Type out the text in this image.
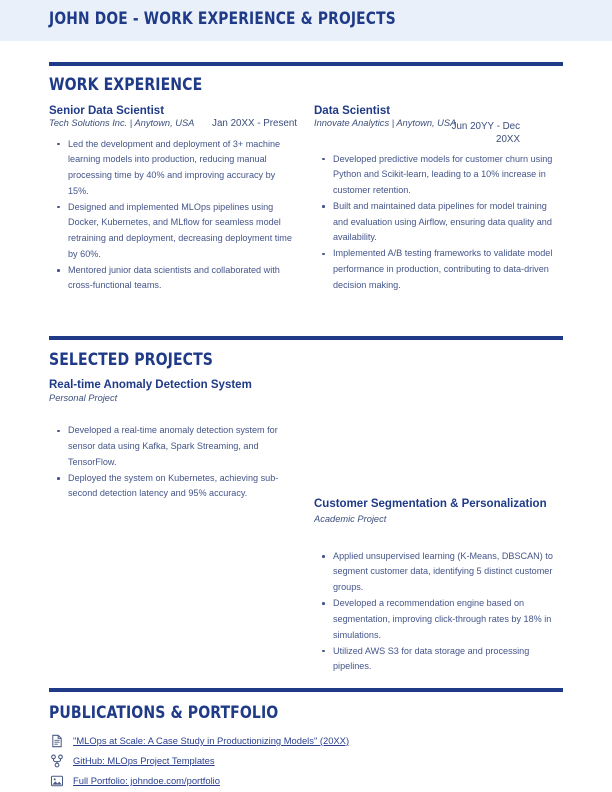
JOHN DOE - WORK EXPERIENCE & PROJECTS
WORK EXPERIENCE

Senior Data Scientist

Tech Solutions Inc. | Anytown, USA	Jan 20XX - Present
Led the development and deployment of 3+ machine learning models into production, reducing manual processing time by 40% and improving accuracy by 15%.
Designed and implemented MLOps pipelines using Docker, Kubernetes, and MLflow for seamless model retraining and deployment, decreasing deployment time by 60%.
Mentored junior data scientists and collaborated with cross-functional teams.

Data Scientist

Innovate Analytics | Anytown, USA

Jun 20YY - Dec 20XX
Developed predictive models for customer churn using Python and Scikit-learn, leading to a 10% increase in customer retention.
Built and maintained data pipelines for model training and evaluation using Airflow, ensuring data quality and availability.
Implemented A/B testing frameworks to validate model performance in production, contributing to data-driven decision making.
SELECTED PROJECTS

Real-time Anomaly Detection System

Personal Project

Developed a real-time anomaly detection system for sensor data using Kafka, Spark Streaming, and TensorFlow.
Deployed the system on Kubernetes, achieving sub-second detection latency and 95% accuracy.

Academic Project

Customer Segmentation & Personalization

Applied unsupervised learning (K-Means, DBSCAN) to segment customer data, identifying 5 distinct customer groups.
Developed a recommendation engine based on segmentation, improving click-through rates by 18% in simulations.
Utilized AWS S3 for data storage and processing pipelines.
PUBLICATIONS & PORTFOLIO
"MLOps at Scale: A Case Study in Productionizing Models" (20XX)
GitHub: MLOps Project Templates
Full Portfolio: johndoe.com/portfolio
